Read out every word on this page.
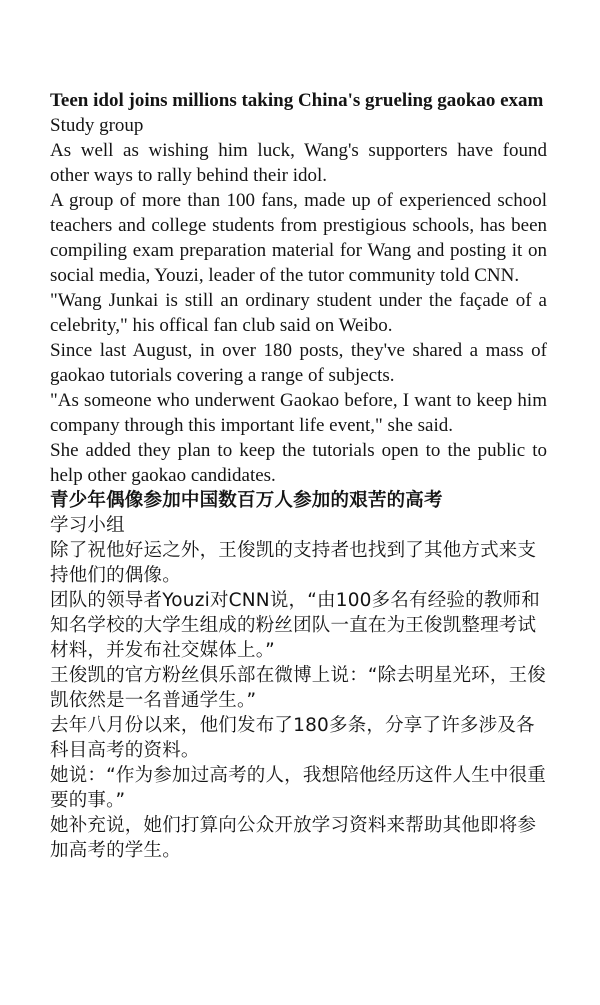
Teen idol joins millions taking China's grueling gaokao exam

Study group

As well as wishing him luck, Wang's supporters have found other ways to rally behind their idol.

A group of more than 100 fans, made up of experienced school teachers and college students from prestigious schools, has been compiling exam preparation material for Wang and posting it on social media, Youzi, leader of the tutor community told CNN.

"Wang Junkai is still an ordinary student under the façade of a celebrity," his offical fan club said on Weibo.

Since last August, in over 180 posts, they've shared a mass of gaokao tutorials covering a range of subjects.

"As someone who underwent Gaokao before, I want to keep him company through this important life event," she said.

She added they plan to keep the tutorials open to the public to help other gaokao candidates.

青少年偶像参加中国数百万人参加的艰苦的高考

学习小组

除了祝他好运之外，王俊凯的支持者也找到了其他方式来支持他们的偶像。

团队的领导者Youzi对CNN说，“由100多名有经验的教师和知名学校的大学生组成的粉丝团队一直在为王俊凯整理考试材料，并发布社交媒体上。”

王俊凯的官方粉丝俱乐部在微博上说：“除去明星光环，王俊凯依然是一名普通学生。”

去年八月份以来，他们发布了180多条，分享了许多涉及各科目高考的资料。

她说：“作为参加过高考的人，我想陪他经历这件人生中很重要的事。”

她补充说，她们打算向公众开放学习资料来帮助其他即将参加高考的学生。
